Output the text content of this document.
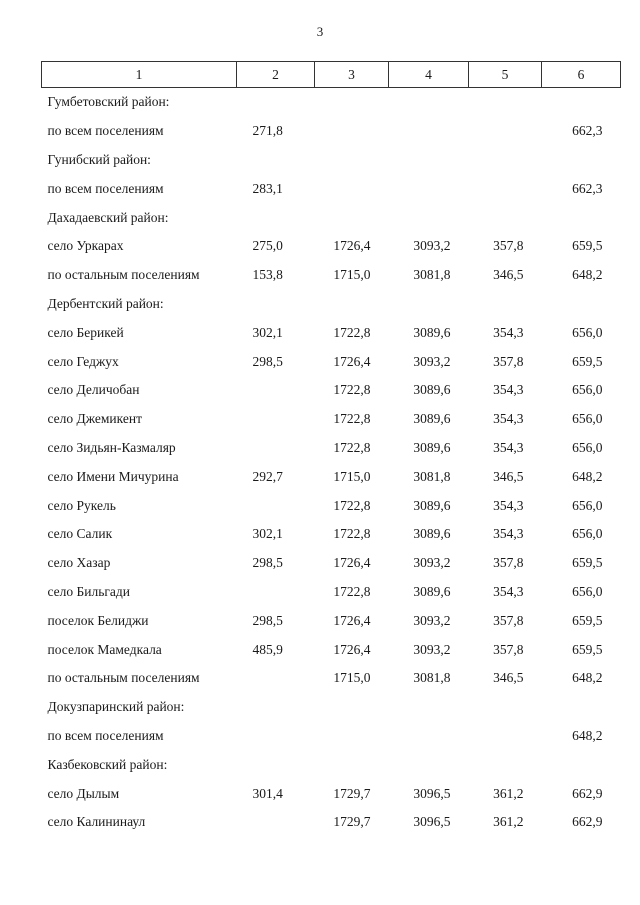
3
1	2	3	4	5	6
Гумбетовский район:					
по всем поселениям	271,8				662,3
Гунибский район:					
по всем поселениям	283,1				662,3
Дахадаевский район:					
село Уркарах	275,0	1726,4	3093,2	357,8	659,5
по остальным поселениям	153,8	1715,0	3081,8	346,5	648,2
Дербентский район:					
село Берикей	302,1	1722,8	3089,6	354,3	656,0
село Геджух	298,5	1726,4	3093,2	357,8	659,5
село Деличобан		1722,8	3089,6	354,3	656,0
село Джемикент		1722,8	3089,6	354,3	656,0
село Зидьян-Казмаляр		1722,8	3089,6	354,3	656,0
село Имени Мичурина	292,7	1715,0	3081,8	346,5	648,2
село Рукель		1722,8	3089,6	354,3	656,0
село Салик	302,1	1722,8	3089,6	354,3	656,0
село Хазар	298,5	1726,4	3093,2	357,8	659,5
село Бильгади		1722,8	3089,6	354,3	656,0
поселок Белиджи	298,5	1726,4	3093,2	357,8	659,5
поселок Мамедкала	485,9	1726,4	3093,2	357,8	659,5
по остальным поселениям		1715,0	3081,8	346,5	648,2
Докузпаринский район:					
по всем поселениям					648,2
Казбековский район:					
село Дылым	301,4	1729,7	3096,5	361,2	662,9
село Калининаул		1729,7	3096,5	361,2	662,9
